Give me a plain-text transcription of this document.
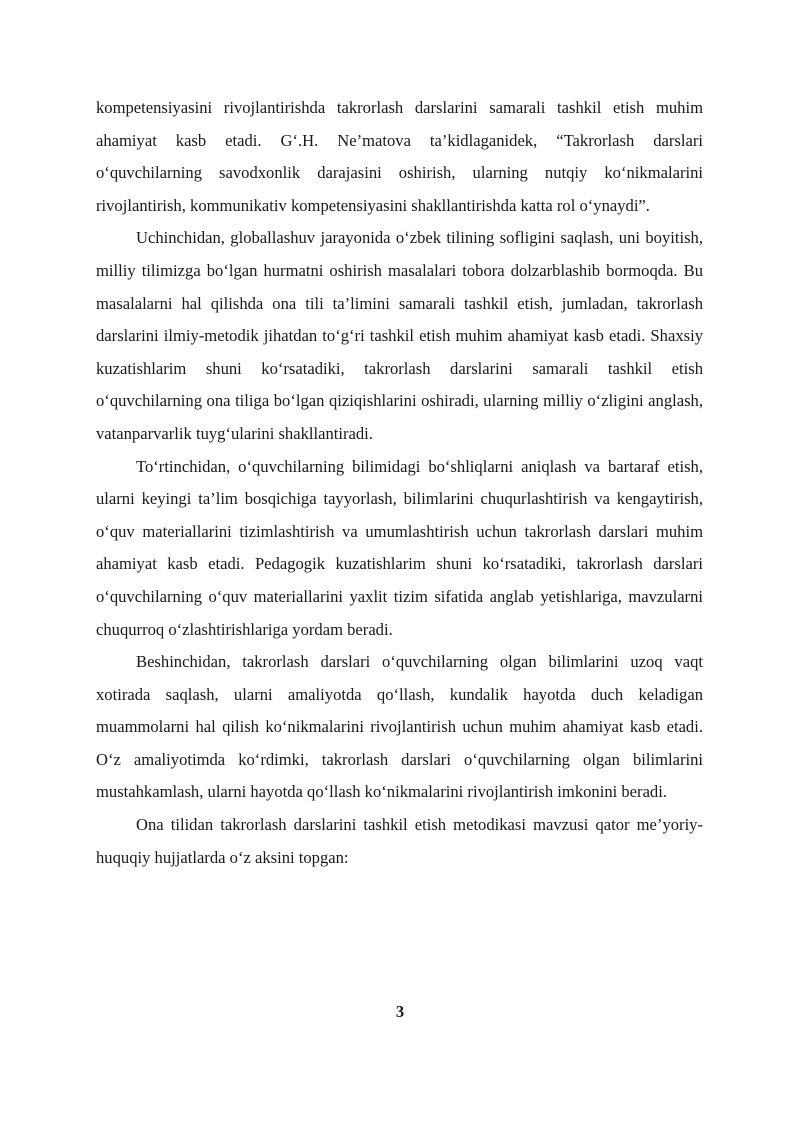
kompetensiyasini rivojlantirishda takrorlash darslarini samarali tashkil etish muhim ahamiyat kasb etadi. G‘.H. Ne’matova ta’kidlaganidek, “Takrorlash darslari o‘quvchilarning savodxonlik darajasini oshirish, ularning nutqiy ko‘nikmalarini rivojlantirish, kommunikativ kompetensiyasini shakllantirishda katta rol o‘ynaydi”.

Uchinchidan, globallashuv jarayonida o‘zbek tilining sofligini saqlash, uni boyitish, milliy tilimizga bo‘lgan hurmatni oshirish masalalari tobora dolzarblashib bormoqda. Bu masalalarni hal qilishda ona tili ta’limini samarali tashkil etish, jumladan, takrorlash darslarini ilmiy-metodik jihatdan to‘g‘ri tashkil etish muhim ahamiyat kasb etadi. Shaxsiy kuzatishlarim shuni ko‘rsatadiki, takrorlash darslarini samarali tashkil etish o‘quvchilarning ona tiliga bo‘lgan qiziqishlarini oshiradi, ularning milliy o‘zligini anglash, vatanparvarlik tuyg‘ularini shakllantiradi.

To‘rtinchidan, o‘quvchilarning bilimidagi bo‘shliqlarni aniqlash va bartaraf etish, ularni keyingi ta’lim bosqichiga tayyorlash, bilimlarini chuqurlashtirish va kengaytirish, o‘quv materiallarini tizimlashtirish va umumlashtirish uchun takrorlash darslari muhim ahamiyat kasb etadi. Pedagogik kuzatishlarim shuni ko‘rsatadiki, takrorlash darslari o‘quvchilarning o‘quv materiallarini yaxlit tizim sifatida anglab yetishlariga, mavzularni chuqurroq o‘zlashtirishlariga yordam beradi.

Beshinchidan, takrorlash darslari o‘quvchilarning olgan bilimlarini uzoq vaqt xotirada saqlash, ularni amaliyotda qo‘llash, kundalik hayotda duch keladigan muammolarni hal qilish ko‘nikmalarini rivojlantirish uchun muhim ahamiyat kasb etadi. O‘z amaliyotimda ko‘rdimki, takrorlash darslari o‘quvchilarning olgan bilimlarini mustahkamlash, ularni hayotda qo‘llash ko‘nikmalarini rivojlantirish imkonini beradi.

Ona tilidan takrorlash darslarini tashkil etish metodikasi mavzusi qator me’yoriy-huquqiy hujjatlarda o‘z aksini topgan:

3
